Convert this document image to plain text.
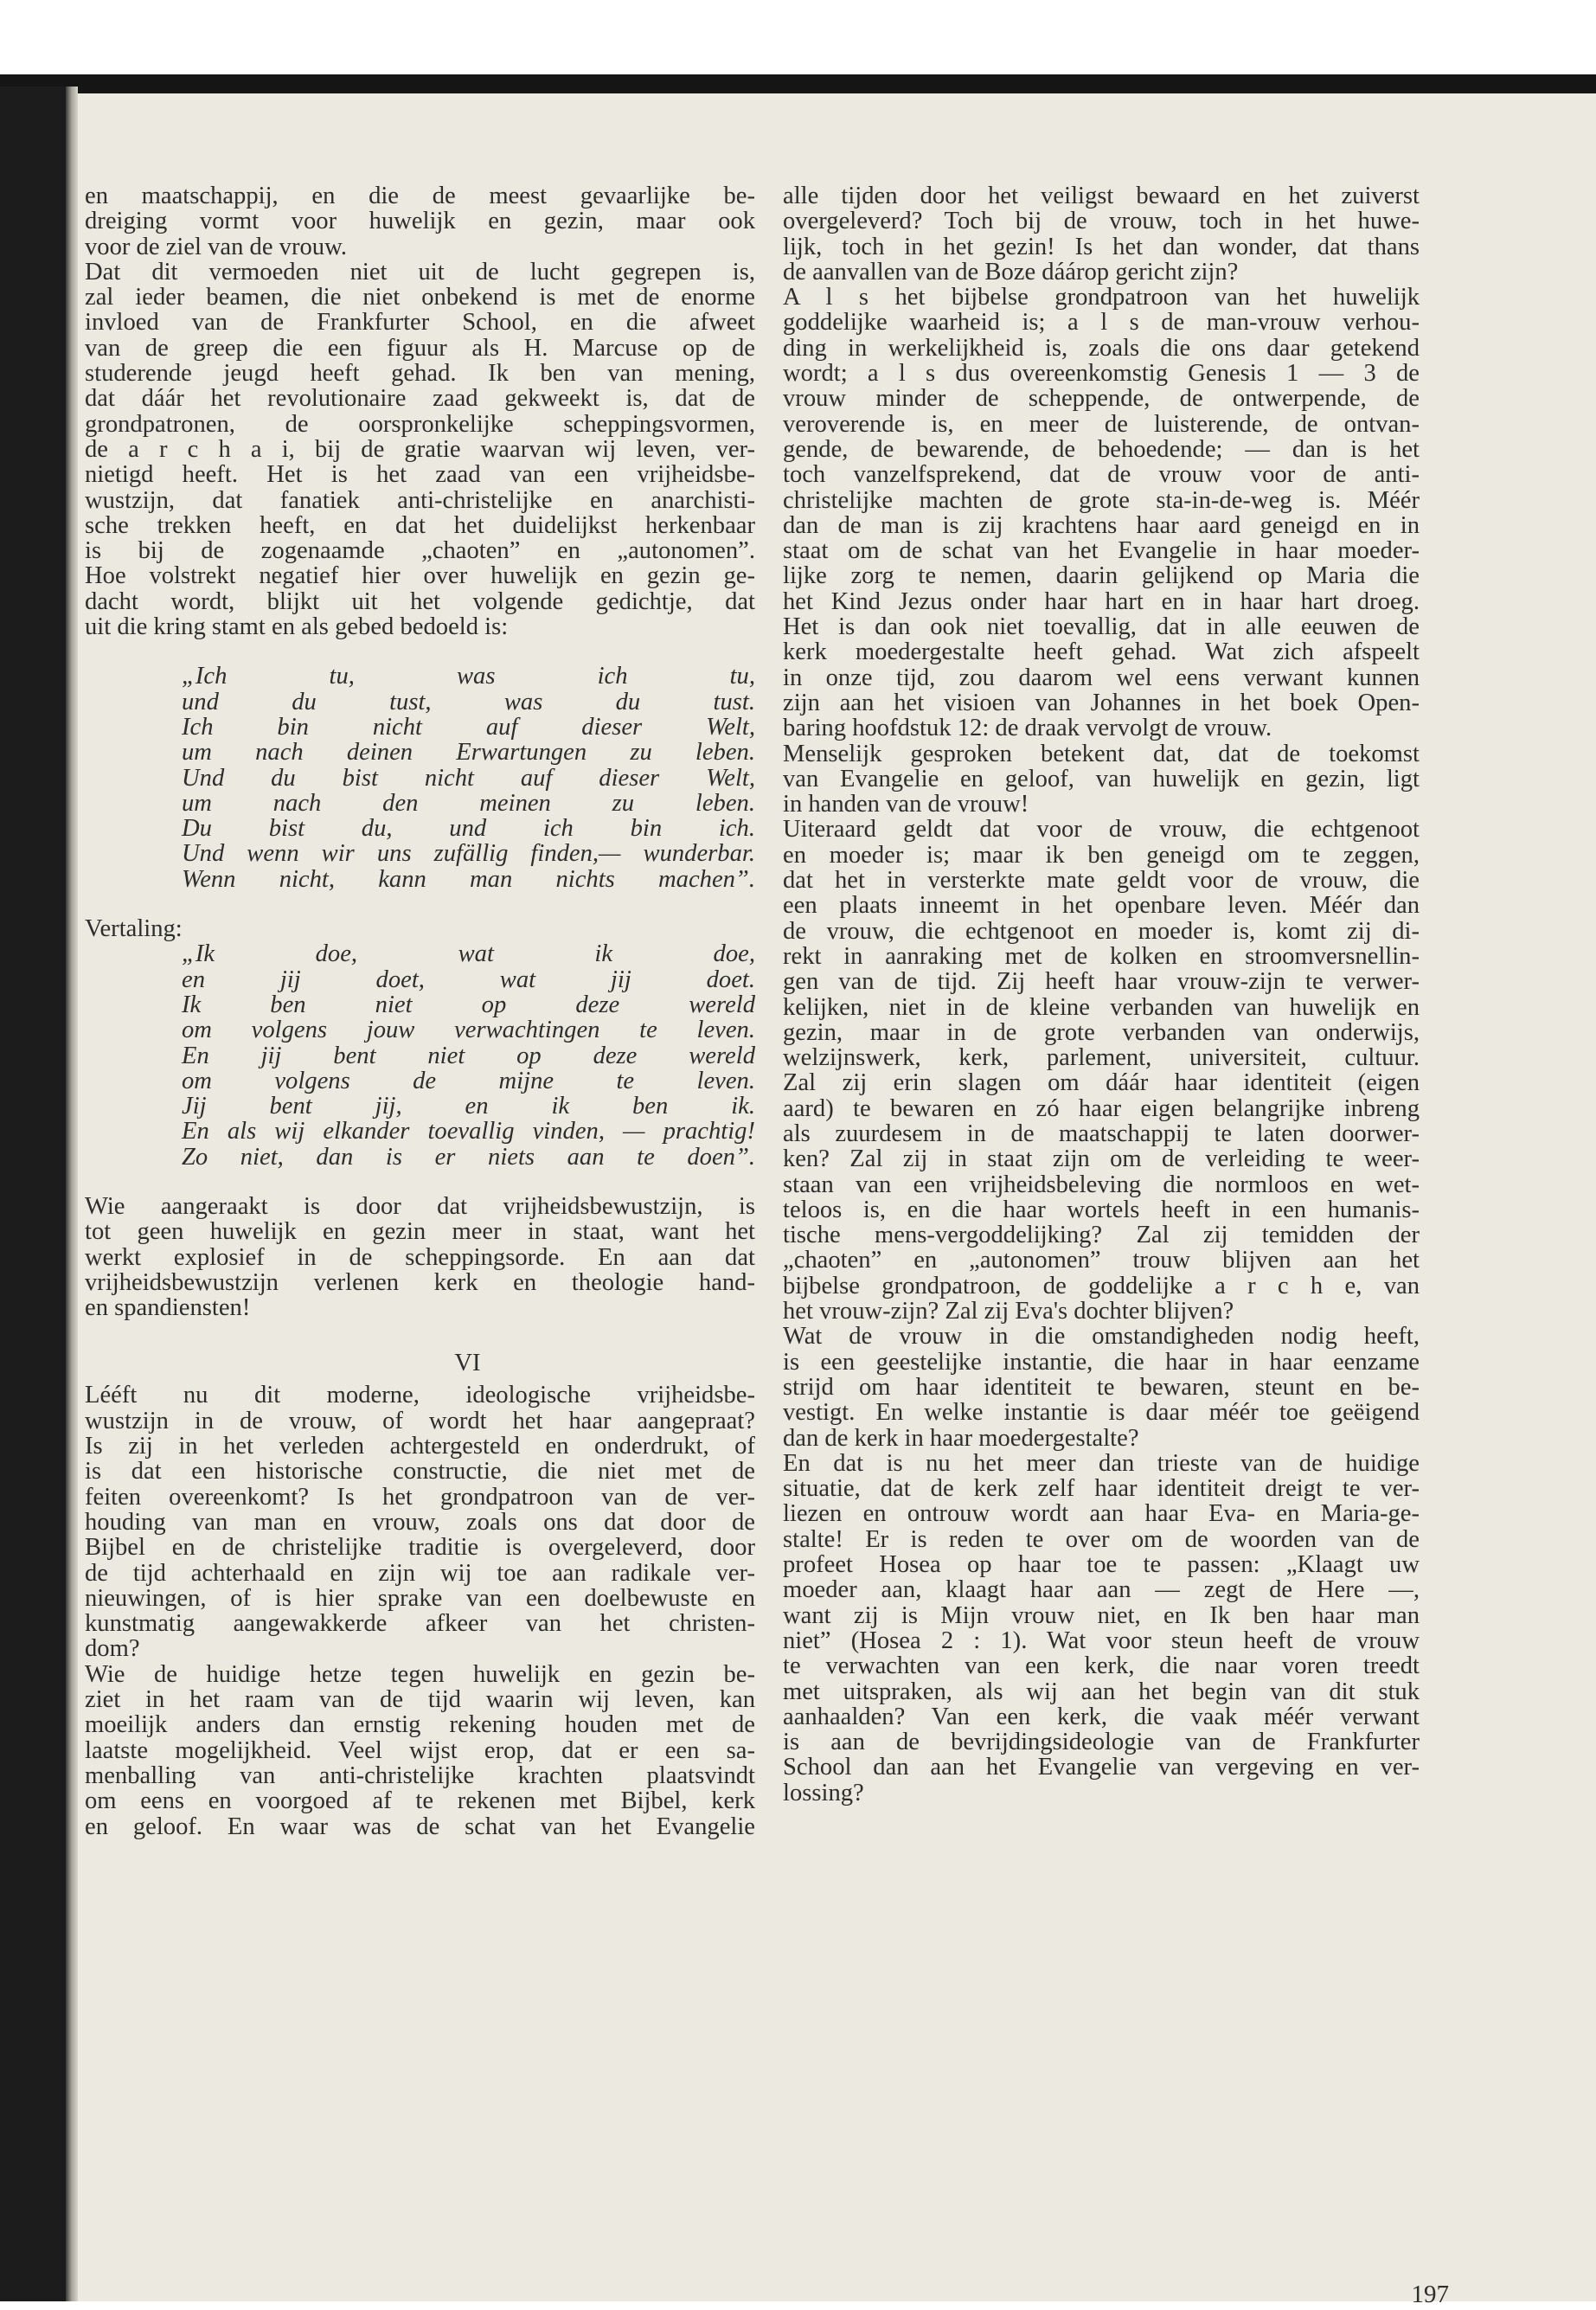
en maatschappij, en die de meest gevaarlijke be-
dreiging vormt voor huwelijk en gezin, maar ook
voor de ziel van de vrouw.
Dat dit vermoeden niet uit de lucht gegrepen is,
zal ieder beamen, die niet onbekend is met de enorme
invloed van de Frankfurter School, en die afweet
van de greep die een figuur als H. Marcuse op de
studerende jeugd heeft gehad. Ik ben van mening,
dat dáár het revolutionaire zaad gekweekt is, dat de
grondpatronen, de oorspronkelijke scheppingsvormen,
de a r c h a i, bij de gratie waarvan wij leven, ver-
nietigd heeft. Het is het zaad van een vrijheidsbe-
wustzijn, dat fanatiek anti-christelijke en anarchisti-
sche trekken heeft, en dat het duidelijkst herkenbaar
is bij de zogenaamde „chaoten” en „autonomen”.
Hoe volstrekt negatief hier over huwelijk en gezin ge-
dacht wordt, blijkt uit het volgende gedichtje, dat
uit die kring stamt en als gebed bedoeld is:
„Ich tu, was ich tu,
und du tust, was du tust.
Ich bin nicht auf dieser Welt,
um nach deinen Erwartungen zu leben.
Und du bist nicht auf dieser Welt,
um nach den meinen zu leben.
Du bist du, und ich bin ich.
Und wenn wir uns zufällig finden,— wunderbar.
Wenn nicht, kann man nichts machen”.
Vertaling:
„Ik doe, wat ik doe,
en jij doet, wat jij doet.
Ik ben niet op deze wereld
om volgens jouw verwachtingen te leven.
En jij bent niet op deze wereld
om volgens de mijne te leven.
Jij bent jij, en ik ben ik.
En als wij elkander toevallig vinden, — prachtig!
Zo niet, dan is er niets aan te doen”.
Wie aangeraakt is door dat vrijheidsbewustzijn, is
tot geen huwelijk en gezin meer in staat, want het
werkt explosief in de scheppingsorde. En aan dat
vrijheidsbewustzijn verlenen kerk en theologie hand-
en spandiensten!
VI
Lééft nu dit moderne, ideologische vrijheidsbe-
wustzijn in de vrouw, of wordt het haar aangepraat?
Is zij in het verleden achtergesteld en onderdrukt, of
is dat een historische constructie, die niet met de
feiten overeenkomt? Is het grondpatroon van de ver-
houding van man en vrouw, zoals ons dat door de
Bijbel en de christelijke traditie is overgeleverd, door
de tijd achterhaald en zijn wij toe aan radikale ver-
nieuwingen, of is hier sprake van een doelbewuste en
kunstmatig aangewakkerde afkeer van het christen-
dom?
Wie de huidige hetze tegen huwelijk en gezin be-
ziet in het raam van de tijd waarin wij leven, kan
moeilijk anders dan ernstig rekening houden met de
laatste mogelijkheid. Veel wijst erop, dat er een sa-
menballing van anti-christelijke krachten plaatsvindt
om eens en voorgoed af te rekenen met Bijbel, kerk
en geloof. En waar was de schat van het Evangelie
alle tijden door het veiligst bewaard en het zuiverst
overgeleverd? Toch bij de vrouw, toch in het huwe-
lijk, toch in het gezin! Is het dan wonder, dat thans
de aanvallen van de Boze dáárop gericht zijn?
A l s het bijbelse grondpatroon van het huwelijk
goddelijke waarheid is; a l s de man-vrouw verhou-
ding in werkelijkheid is, zoals die ons daar getekend
wordt; a l s dus overeenkomstig Genesis 1 — 3 de
vrouw minder de scheppende, de ontwerpende, de
veroverende is, en meer de luisterende, de ontvan-
gende, de bewarende, de behoedende; — dan is het
toch vanzelfsprekend, dat de vrouw voor de anti-
christelijke machten de grote sta-in-de-weg is. Méér
dan de man is zij krachtens haar aard geneigd en in
staat om de schat van het Evangelie in haar moeder-
lijke zorg te nemen, daarin gelijkend op Maria die
het Kind Jezus onder haar hart en in haar hart droeg.
Het is dan ook niet toevallig, dat in alle eeuwen de
kerk moedergestalte heeft gehad. Wat zich afspeelt
in onze tijd, zou daarom wel eens verwant kunnen
zijn aan het visioen van Johannes in het boek Open-
baring hoofdstuk 12: de draak vervolgt de vrouw.
Menselijk gesproken betekent dat, dat de toekomst
van Evangelie en geloof, van huwelijk en gezin, ligt
in handen van de vrouw!
Uiteraard geldt dat voor de vrouw, die echtgenoot
en moeder is; maar ik ben geneigd om te zeggen,
dat het in versterkte mate geldt voor de vrouw, die
een plaats inneemt in het openbare leven. Méér dan
de vrouw, die echtgenoot en moeder is, komt zij di-
rekt in aanraking met de kolken en stroomversnellin-
gen van de tijd. Zij heeft haar vrouw-zijn te verwer-
kelijken, niet in de kleine verbanden van huwelijk en
gezin, maar in de grote verbanden van onderwijs,
welzijnswerk, kerk, parlement, universiteit, cultuur.
Zal zij erin slagen om dáár haar identiteit (eigen
aard) te bewaren en zó haar eigen belangrijke inbreng
als zuurdesem in de maatschappij te laten doorwer-
ken? Zal zij in staat zijn om de verleiding te weer-
staan van een vrijheidsbeleving die normloos en wet-
teloos is, en die haar wortels heeft in een humanis-
tische mens-vergoddelijking? Zal zij temidden der
„chaoten” en „autonomen” trouw blijven aan het
bijbelse grondpatroon, de goddelijke a r c h e, van
het vrouw-zijn? Zal zij Eva's dochter blijven?
Wat de vrouw in die omstandigheden nodig heeft,
is een geestelijke instantie, die haar in haar eenzame
strijd om haar identiteit te bewaren, steunt en be-
vestigt. En welke instantie is daar méér toe geëigend
dan de kerk in haar moedergestalte?
En dat is nu het meer dan trieste van de huidige
situatie, dat de kerk zelf haar identiteit dreigt te ver-
liezen en ontrouw wordt aan haar Eva- en Maria-ge-
stalte! Er is reden te over om de woorden van de
profeet Hosea op haar toe te passen: „Klaagt uw
moeder aan, klaagt haar aan — zegt de Here —,
want zij is Mijn vrouw niet, en Ik ben haar man
niet” (Hosea 2 : 1). Wat voor steun heeft de vrouw
te verwachten van een kerk, die naar voren treedt
met uitspraken, als wij aan het begin van dit stuk
aanhaalden? Van een kerk, die vaak méér verwant
is aan de bevrijdingsideologie van de Frankfurter
School dan aan het Evangelie van vergeving en ver-
lossing?
197
